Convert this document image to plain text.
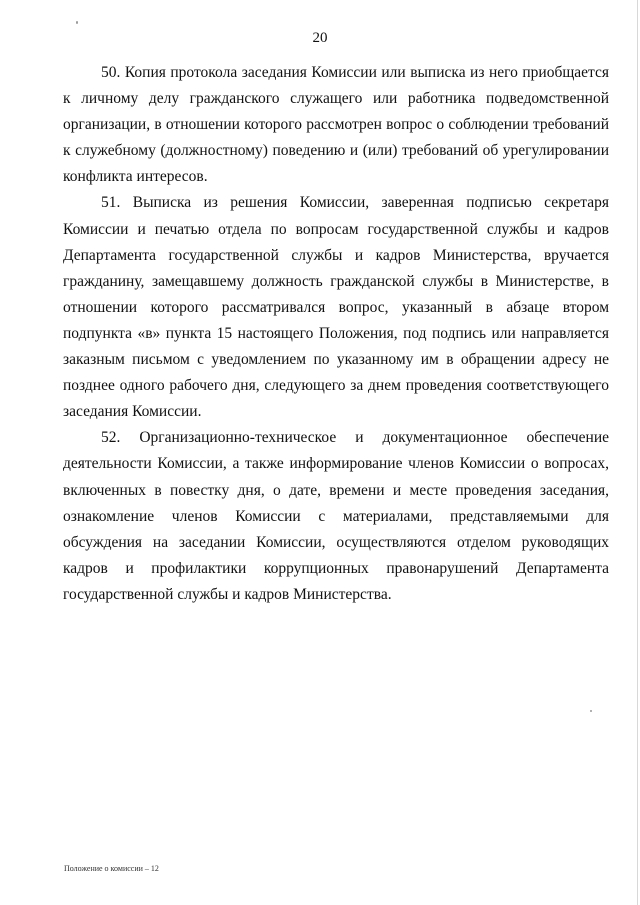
20

50. Копия протокола заседания Комиссии или выписка из него приобщается к личному делу гражданского служащего или работника подведомственной организации, в отношении которого рассмотрен вопрос о соблюдении требований к служебному (должностному) поведению и (или) требований об урегулировании конфликта интересов.

51. Выписка из решения Комиссии, заверенная подписью секретаря Комиссии и печатью отдела по вопросам государственной службы и кадров Департамента государственной службы и кадров Министерства, вручается гражданину, замещавшему должность гражданской службы в Министерстве, в отношении которого рассматривался вопрос, указанный в абзаце втором подпункта «в» пункта 15 настоящего Положения, под подпись или направляется заказным письмом с уведомлением по указанному им в обращении адресу не позднее одного рабочего дня, следующего за днем проведения соответствующего заседания Комиссии.

52. Организационно-техническое и документационное обеспечение деятельности Комиссии, а также информирование членов Комиссии о вопросах, включенных в повестку дня, о дате, времени и месте проведения заседания, ознакомление членов Комиссии с материалами, представляемыми для обсуждения на заседании Комиссии, осуществляются отделом руководящих кадров и профилактики коррупционных правонарушений Департамента государственной службы и кадров Министерства.

Положение о комиссии – 12
